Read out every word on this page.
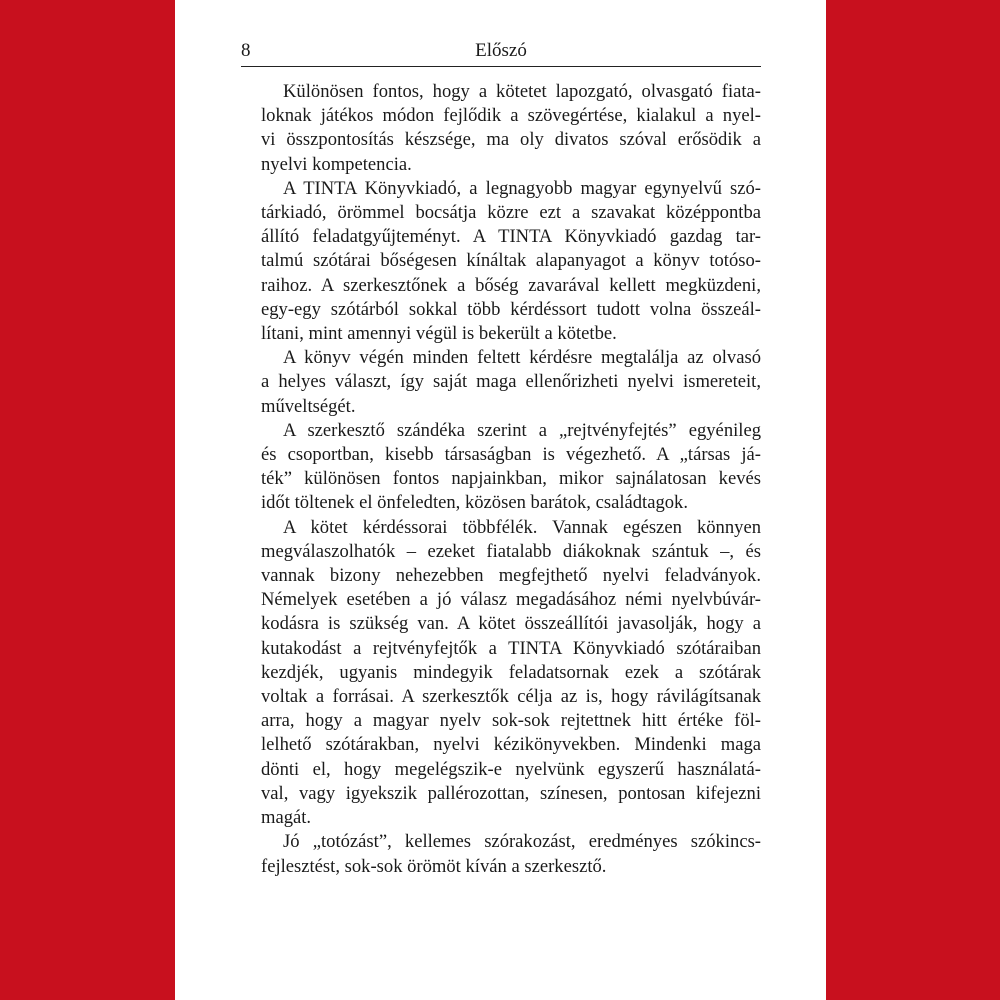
8	Előszó

Különösen fontos, hogy a kötetet lapozgató, olvasgató fiata-
loknak játékos módon fejlődik a szövegértése, kialakul a nyel-
vi összpontosítás készsége, ma oly divatos szóval erősödik a
nyelvi kompetencia.

A TINTA Könyvkiadó, a legnagyobb magyar egynyelvű szó-
tárkiadó, örömmel bocsátja közre ezt a szavakat középpontba
állító feladatgyűjteményt. A TINTA Könyvkiadó gazdag tar-
talmú szótárai bőségesen kínáltak alapanyagot a könyv totóso-
raihoz. A szerkesztőnek a bőség zavarával kellett megküzdeni,
egy-egy szótárból sokkal több kérdéssort tudott volna összeál-
lítani, mint amennyi végül is bekerült a kötetbe.

A könyv végén minden feltett kérdésre megtalálja az olvasó
a helyes választ, így saját maga ellenőrizheti nyelvi ismereteit,
műveltségét.

A szerkesztő szándéka szerint a „rejtvényfejtés” egyénileg
és csoportban, kisebb társaságban is végezhető. A „társas já-
ték” különösen fontos napjainkban, mikor sajnálatosan kevés
időt töltenek el önfeledten, közösen barátok, családtagok.

A kötet kérdéssorai többfélék. Vannak egészen könnyen
megválaszolhatók – ezeket fiatalabb diákoknak szántuk –, és
vannak bizony nehezebben megfejthető nyelvi feladványok.
Némelyek esetében a jó válasz megadásához némi nyelvbúvár-
kodásra is szükség van. A kötet összeállítói javasolják, hogy a
kutakodást a rejtvényfejtők a TINTA Könyvkiadó szótáraiban
kezdjék, ugyanis mindegyik feladatsornak ezek a szótárak
voltak a forrásai. A szerkesztők célja az is, hogy rávilágítsanak
arra, hogy a magyar nyelv sok-sok rejtettnek hitt értéke föl-
lelhető szótárakban, nyelvi kézikönyvekben. Mindenki maga
dönti el, hogy megelégszik-e nyelvünk egyszerű használatá-
val, vagy igyekszik pallérozottan, színesen, pontosan kifejezni
magát.

Jó „totózást”, kellemes szórakozást, eredményes szókincs-
fejlesztést, sok-sok örömöt kíván a szerkesztő.
